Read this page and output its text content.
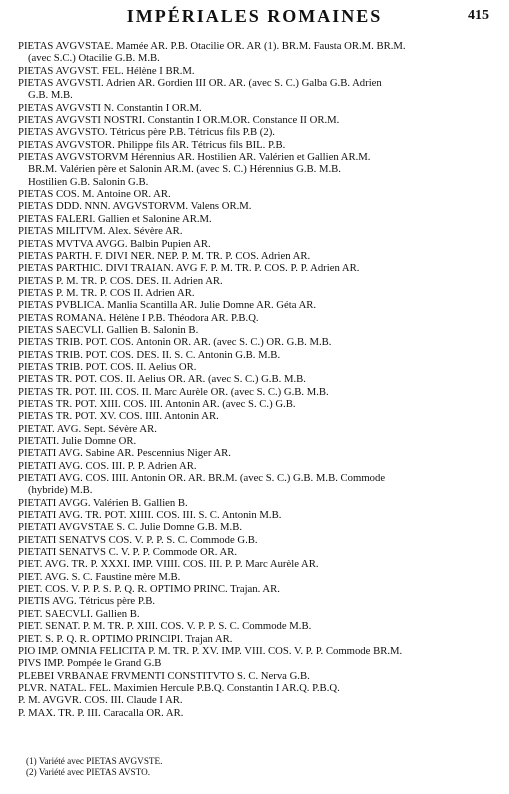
IMPÉRIALES ROMAINES	415
PIETAS AVGVSTAE. Mamée AR. P.B. Otacilie OR. AR (1). BR.M. Fausta OR.M. BR.M.
(avec S.C.) Otacilie G.B. M.B.
PIETAS AVGVST. FEL. Hélène I BR.M.
PIETAS AVGVSTI. Adrien AR. Gordien III OR. AR. (avec S. C.) Galba G.B. Adrien
G.B. M.B.
PIETAS AVGVSTI N. Constantin I OR.M.
PIETAS AVGVSTI NOSTRI. Constantin I OR.M.OR. Constance II OR.M.
PIETAS AVGVSTO. Tétricus père P.B. Tétricus fils P.B (2).
PIETAS AVGVSTOR. Philippe fils AR. Tétricus fils BIL. P.B.
PIETAS AVGVSTORVM Hérennius AR. Hostilien AR. Valérien et Gallien AR.M.
BR.M. Valérien père et Salonin AR.M. (avec S. C.) Hérennius G.B. M.B.
Hostilien G.B. Salonin G.B.
PIETAS COS. M. Antoine OR. AR.
PIETAS DDD. NNN. AVGVSTORVM. Valens OR.M.
PIETAS FALERI. Gallien et Salonine AR.M.
PIETAS MILITVM. Alex. Sévère AR.
PIETAS MVTVA AVGG. Balbin Pupien AR.
PIETAS PARTH. F. DIVI NER. NEP. P. M. TR. P. COS. Adrien AR.
PIETAS PARTHIC. DIVI TRAIAN. AVG F. P. M. TR. P. COS. P. P. Adrien AR.
PIETAS P. M. TR. P. COS. DES. II. Adrien AR.
PIETAS P. M. TR. P. COS II. Adrien AR.
PIETAS PVBLICA. Manlia Scantilla AR. Julie Domne AR. Géta AR.
PIETAS ROMANA. Hélène I P.B. Théodora AR. P.B.Q.
PIETAS SAECVLI. Gallien B. Salonin B.
PIETAS TRIB. POT. COS. Antonin OR. AR. (avec S. C.) OR. G.B. M.B.
PIETAS TRIB. POT. COS. DES. II. S. C. Antonin G.B. M.B.
PIETAS TRIB. POT. COS. II. Aelius OR.
PIETAS TR. POT. COS. II. Aelius OR. AR. (avec S. C.) G.B. M.B.
PIETAS TR. POT. III. COS. II. Marc Aurèle OR. (avec S. C.) G.B. M.B.
PIETAS TR. POT. XIII. COS. III. Antonin AR. (avec S. C.) G.B.
PIETAS TR. POT. XV. COS. IIII. Antonin AR.
PIETAT. AVG. Sept. Sévère AR.
PIETATI. Julie Domne OR.
PIETATI AVG. Sabine AR. Pescennius Niger AR.
PIETATI AVG. COS. III. P. P. Adrien AR.
PIETATI AVG. COS. IIII. Antonin OR. AR. BR.M. (avec S. C.) G.B. M.B. Commode
(hybride) M.B.
PIETATI AVGG. Valérien B. Gallien B.
PIETATI AVG. TR. POT. XIIII. COS. III. S. C. Antonin M.B.
PIETATI AVGVSTAE S. C. Julie Domne G.B. M.B.
PIETATI SENATVS COS. V. P. P. S. C. Commode G.B.
PIETATI SENATVS C. V. P. P. Commode OR. AR.
PIET. AVG. TR. P. XXXI. IMP. VIIII. COS. III. P. P. Marc Aurèle AR.
PIET. AVG. S. C. Faustine mère M.B.
PIET. COS. V. P. P. S. P. Q. R. OPTIMO PRINC. Trajan. AR.
PIETIS AVG. Tétricus père P.B.
PIET. SAECVLI. Gallien B.
PIET. SENAT. P. M. TR. P. XIII. COS. V. P. P. S. C. Commode M.B.
PIET. S. P. Q. R. OPTIMO PRINCIPI. Trajan AR.
PIO IMP. OMNIA FELICITA P. M. TR. P. XV. IMP. VIII. COS. V. P. P. Commode BR.M.
PIVS IMP. Pompée le Grand G.B
PLEBEI VRBANAE FRVMENTI CONSTITVTO S. C. Nerva G.B.
PLVR. NATAL. FEL. Maximien Hercule P.B.Q. Constantin I AR.Q. P.B.Q.
P. M. AVGVR. COS. III. Claude I AR.
P. MAX. TR. P. III. Caracalla OR. AR.
(1) Variété avec PIETAS AVGVSTE.
(2) Variété avec PIETAS AVSTO.
